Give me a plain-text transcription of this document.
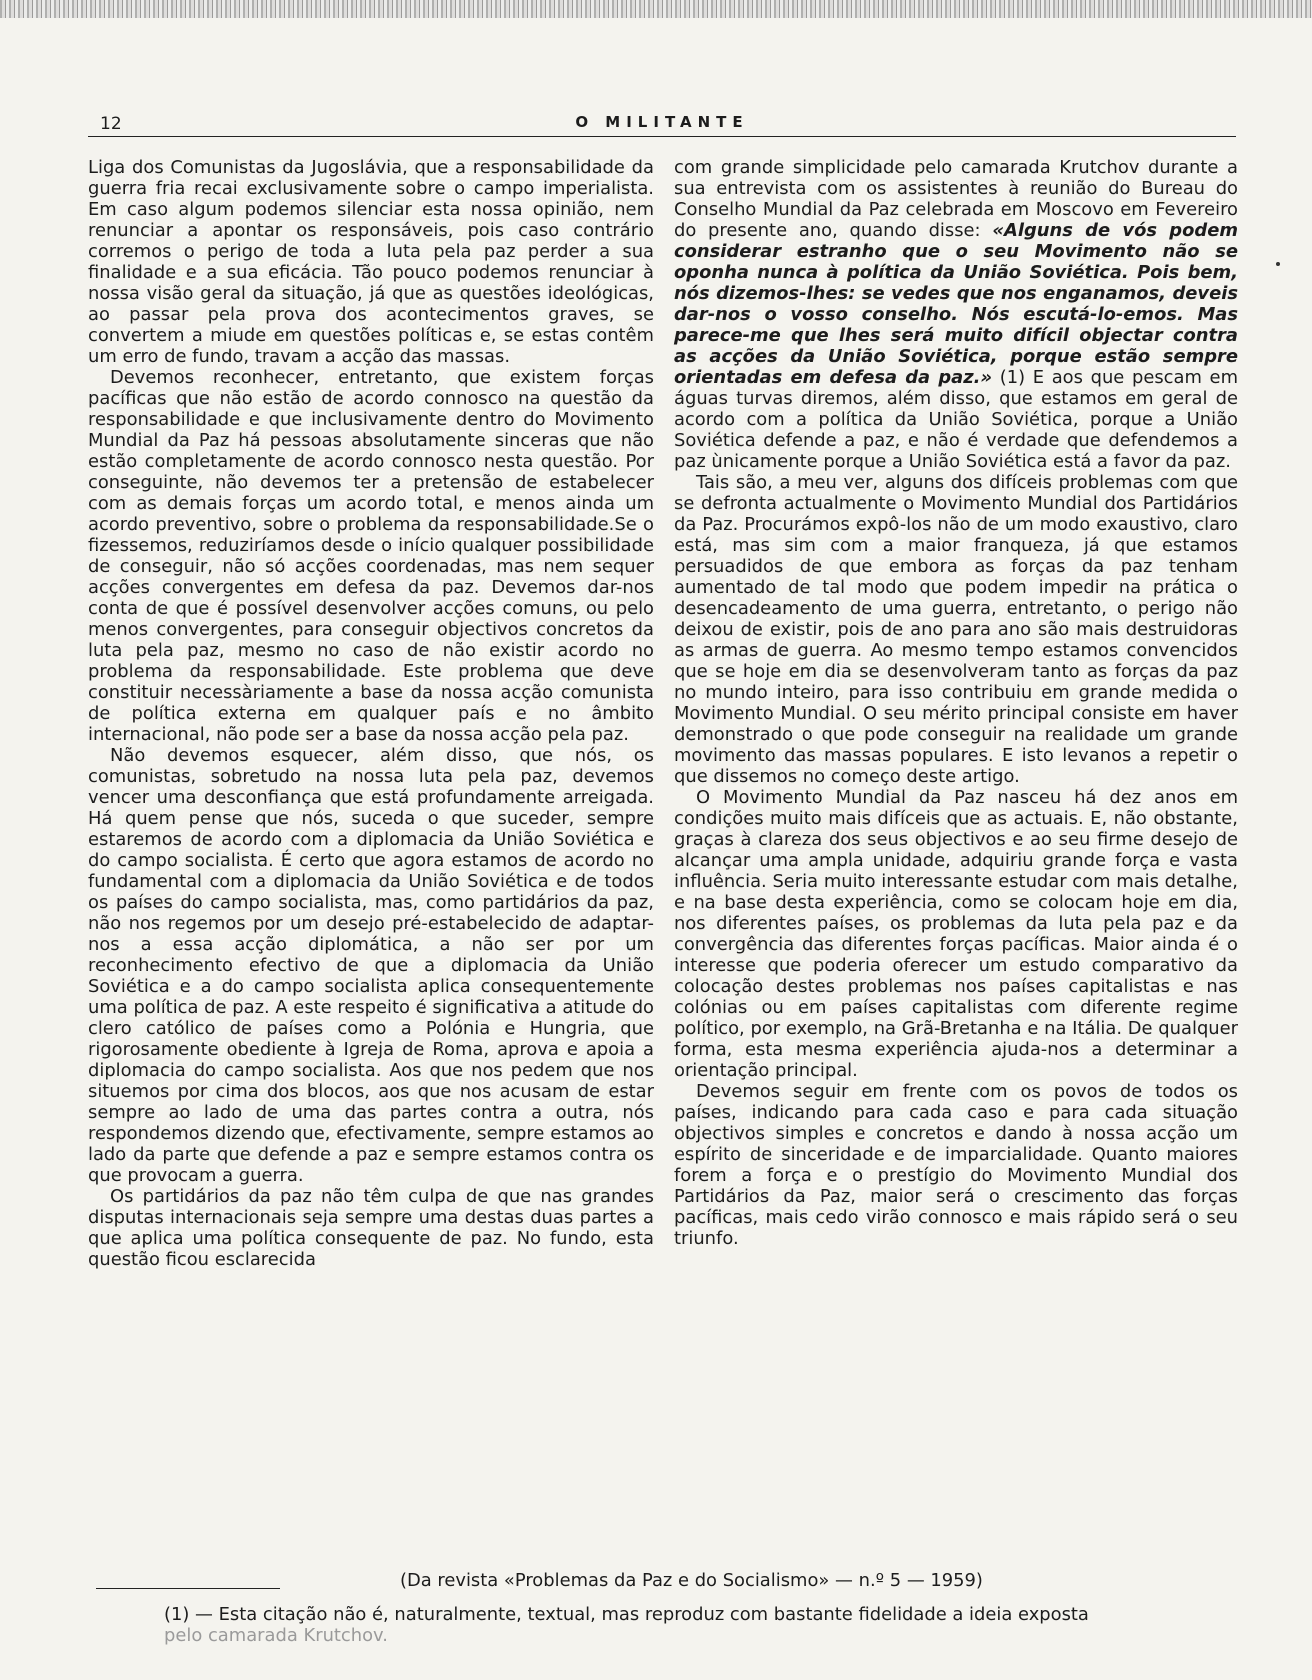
12	O MILITANTE

Liga dos Comunistas da Jugoslávia, que a responsabilidade da guerra fria recai exclusivamente sobre o campo imperialista. Em caso algum podemos silenciar esta nossa opinião, nem renunciar a apontar os responsáveis, pois caso contrário corremos o perigo de toda a luta pela paz perder a sua finalidade e a sua eficácia. Tão pouco podemos renunciar à nossa visão geral da situação, já que as questões ideológicas, ao passar pela prova dos acontecimentos graves, se convertem a miude em questões políticas e, se estas contêm um erro de fundo, travam a acção das massas.

Devemos reconhecer, entretanto, que existem forças pacíficas que não estão de acordo connosco na questão da responsabilidade e que inclusivamente dentro do Movimento Mundial da Paz há pessoas absolutamente sinceras que não estão completamente de acordo connosco nesta questão. Por conseguinte, não devemos ter a pretensão de estabelecer com as demais forças um acordo total, e menos ainda um acordo preventivo, sobre o problema da responsabilidade.Se o fizessemos, reduziríamos desde o início qualquer possibilidade de conseguir, não só acções coordenadas, mas nem sequer acções convergentes em defesa da paz. Devemos dar-nos conta de que é possível desenvolver acções comuns, ou pelo menos convergentes, para conseguir objectivos concretos da luta pela paz, mesmo no caso de não existir acordo no problema da responsabilidade. Este problema que deve constituir necessàriamente a base da nossa acção comunista de política externa em qualquer país e no âmbito internacional, não pode ser a base da nossa acção pela paz.

Não devemos esquecer, além disso, que nós, os comunistas, sobretudo na nossa luta pela paz, devemos vencer uma desconfiança que está profundamente arreigada. Há quem pense que nós, suceda o que suceder, sempre estaremos de acordo com a diplomacia da União Soviética e do campo socialista. É certo que agora estamos de acordo no fundamental com a diplomacia da União Soviética e de todos os países do campo socialista, mas, como partidários da paz, não nos regemos por um desejo pré-estabelecido de adaptar-nos a essa acção diplomática, a não ser por um reconhecimento efectivo de que a diplomacia da União Soviética e a do campo socialista aplica consequentemente uma política de paz. A este respeito é significativa a atitude do clero católico de países como a Polónia e Hungria, que rigorosamente obediente à Igreja de Roma, aprova e apoia a diplomacia do campo socialista. Aos que nos pedem que nos situemos por cima dos blocos, aos que nos acusam de estar sempre ao lado de uma das partes contra a outra, nós respondemos dizendo que, efectivamente, sempre estamos ao lado da parte que defende a paz e sempre estamos contra os que provocam a guerra.

Os partidários da paz não têm culpa de que nas grandes disputas internacionais seja sempre uma destas duas partes a que aplica uma política consequente de paz. No fundo, esta questão ficou esclarecida

com grande simplicidade pelo camarada Krutchov durante a sua entrevista com os assistentes à reunião do Bureau do Conselho Mundial da Paz celebrada em Moscovo em Fevereiro do presente ano, quando disse: «Alguns de vós podem considerar estranho que o seu Movimento não se oponha nunca à política da União Soviética. Pois bem, nós dizemos-lhes: se vedes que nos enganamos, deveis dar-nos o vosso conselho. Nós escutá-lo-emos. Mas parece-me que lhes será muito difícil objectar contra as acções da União Soviética, porque estão sempre orientadas em defesa da paz.» (1) E aos que pescam em águas turvas diremos, além disso, que estamos em geral de acordo com a política da União Soviética, porque a União Soviética defende a paz, e não é verdade que defendemos a paz ùnicamente porque a União Soviética está a favor da paz.

Tais são, a meu ver, alguns dos difíceis problemas com que se defronta actualmente o Movimento Mundial dos Partidários da Paz. Procurámos expô-los não de um modo exaustivo, claro está, mas sim com a maior franqueza, já que estamos persuadidos de que embora as forças da paz tenham aumentado de tal modo que podem impedir na prática o desencadeamento de uma guerra, entretanto, o perigo não deixou de existir, pois de ano para ano são mais destruidoras as armas de guerra. Ao mesmo tempo estamos convencidos que se hoje em dia se desenvolveram tanto as forças da paz no mundo inteiro, para isso contribuiu em grande medida o Movimento Mundial. O seu mérito principal consiste em haver demonstrado o que pode conseguir na realidade um grande movimento das massas populares. E isto levanos a repetir o que dissemos no começo deste artigo.

O Movimento Mundial da Paz nasceu há dez anos em condições muito mais difíceis que as actuais. E, não obstante, graças à clareza dos seus objectivos e ao seu firme desejo de alcançar uma ampla unidade, adquiriu grande força e vasta influência. Seria muito interessante estudar com mais detalhe, e na base desta experiência, como se colocam hoje em dia, nos diferentes países, os problemas da luta pela paz e da convergência das diferentes forças pacíficas. Maior ainda é o interesse que poderia oferecer um estudo comparativo da colocação destes problemas nos países capitalistas e nas colónias ou em países capitalistas com diferente regime político, por exemplo, na Grã-Bretanha e na Itália. De qualquer forma, esta mesma experiência ajuda-nos a determinar a orientação principal.

Devemos seguir em frente com os povos de todos os países, indicando para cada caso e para cada situação objectivos simples e concretos e dando à nossa acção um espírito de sinceridade e de imparcialidade. Quanto maiores forem a força e o prestígio do Movimento Mundial dos Partidários da Paz, maior será o crescimento das forças pacíficas, mais cedo virão connosco e mais rápido será o seu triunfo.

(Da revista «Problemas da Paz e do Socialismo» — n.º 5 — 1959)
(1) — Esta citação não é, naturalmente, textual, mas reproduz com bastante fidelidade a ideia exposta
pelo camarada Krutchov.
